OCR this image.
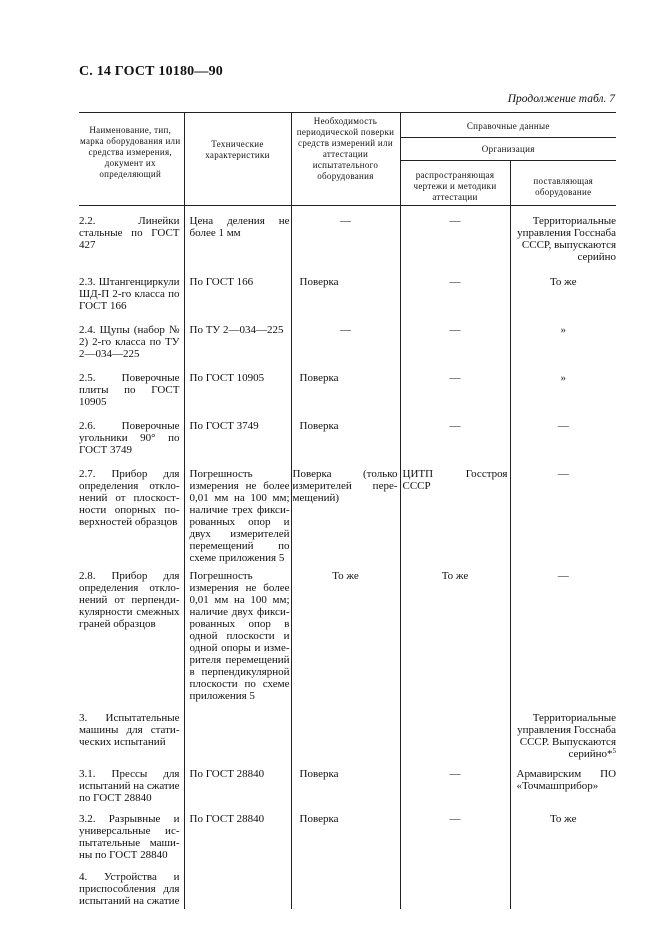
С. 14 ГОСТ 10180—90
Продолжение табл. 7
Наименование, тип, марка оборудования или средства измерения, документ их определяющий	Технические характеристики	Необходимость периодической поверки средств измерений или аттестации испытательного оборудования	Справочные данные	
			Организация	
			распространяющая чертежи и методики аттестации	поставляющая оборудование
2.2. Линейки стальные по ГОСТ 427	Цена деления не более 1 мм	—	—	Территориальные управления Госснаба СССР, выпускаются серийно
2.3. Штангенциркули ШД-П 2-го класса по ГОСТ 166	По ГОСТ 166	Поверка	—	То же
2.4. Щупы (набор № 2) 2-го класса по ТУ 2—034—225	По ТУ 2—034—225	—	—	»
2.5. Поверочные плиты по ГОСТ 10905	По ГОСТ 10905	Поверка	—	»
2.6. Поверочные угольники 90° по ГОСТ 3749	По ГОСТ 3749	Поверка	—	—
2.7. Прибор для определения отклонений от плоскостности опорных поверхностей образцов	Погрешность измерения не более 0,01 мм на 100 мм; наличие трех фиксированных опор и двух измерителей перемещений по схеме приложения 5	Поверка (только измерителей перемещений)	ЦИТП Госстроя СССР	—
2.8. Прибор для определения отклонений от перпендикулярности смежных граней образцов	Погрешность измерения не более 0,01 мм на 100 мм; наличие двух фиксированных опор в одной плоскости и одной опоры и измерителя перемещений в перпендикулярной плоскости по схеме приложения 5	То же	То же	—
3. Испытательные машины для статических испытаний				Территориальные управления Госснаба СССР. Выпускаются серийно*$^5$
3.1. Прессы для испытаний на сжатие по ГОСТ 28840	По ГОСТ 28840	Поверка	—	Армавирским ПО «Точмашприбор»
3.2. Разрывные и универсальные испытательные машины по ГОСТ 28840	По ГОСТ 28840	Поверка	—	То же
4. Устройства и приспособления для испытаний на сжатие				
